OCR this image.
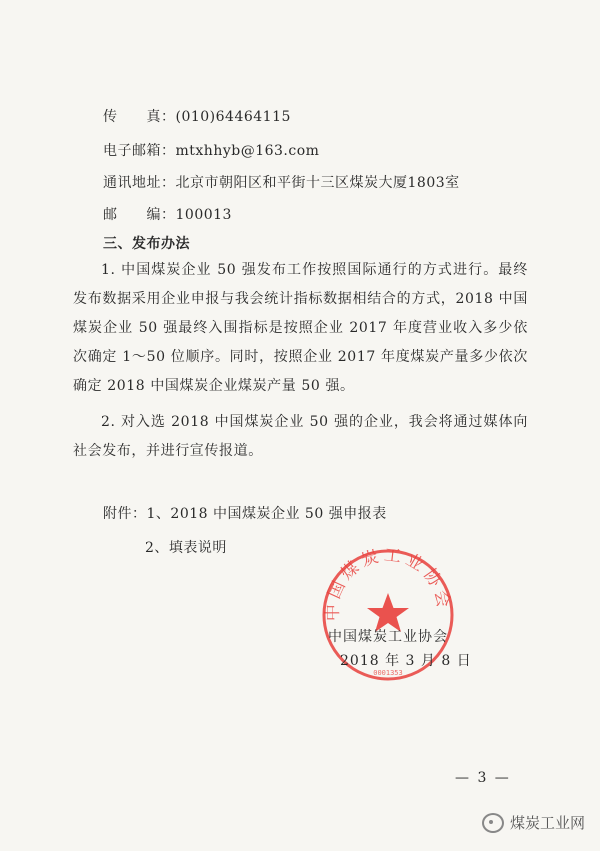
传　　真：(010)64464115
电子邮箱：mtxhhyb@163.com
通讯地址：北京市朝阳区和平街十三区煤炭大厦1803室
邮　　编：100013
三、发布办法
1. 中国煤炭企业 50 强发布工作按照国际通行的方式进行。最终发布数据采用企业申报与我会统计指标数据相结合的方式，2018 中国煤炭企业 50 强最终入围指标是按照企业 2017 年度营业收入多少依次确定 1～50 位顺序。同时，按照企业 2017 年度煤炭产量多少依次确定 2018 中国煤炭企业煤炭产量 50 强。
2. 对入选 2018 中国煤炭企业 50 强的企业，我会将通过媒体向社会发布，并进行宣传报道。
附件：1、2018 中国煤炭企业 50 强申报表
2、填表说明
中国煤炭工业协会
0001353
中国煤炭工业协会
2018 年 3 月 8 日
— 3 —
煤炭工业网
